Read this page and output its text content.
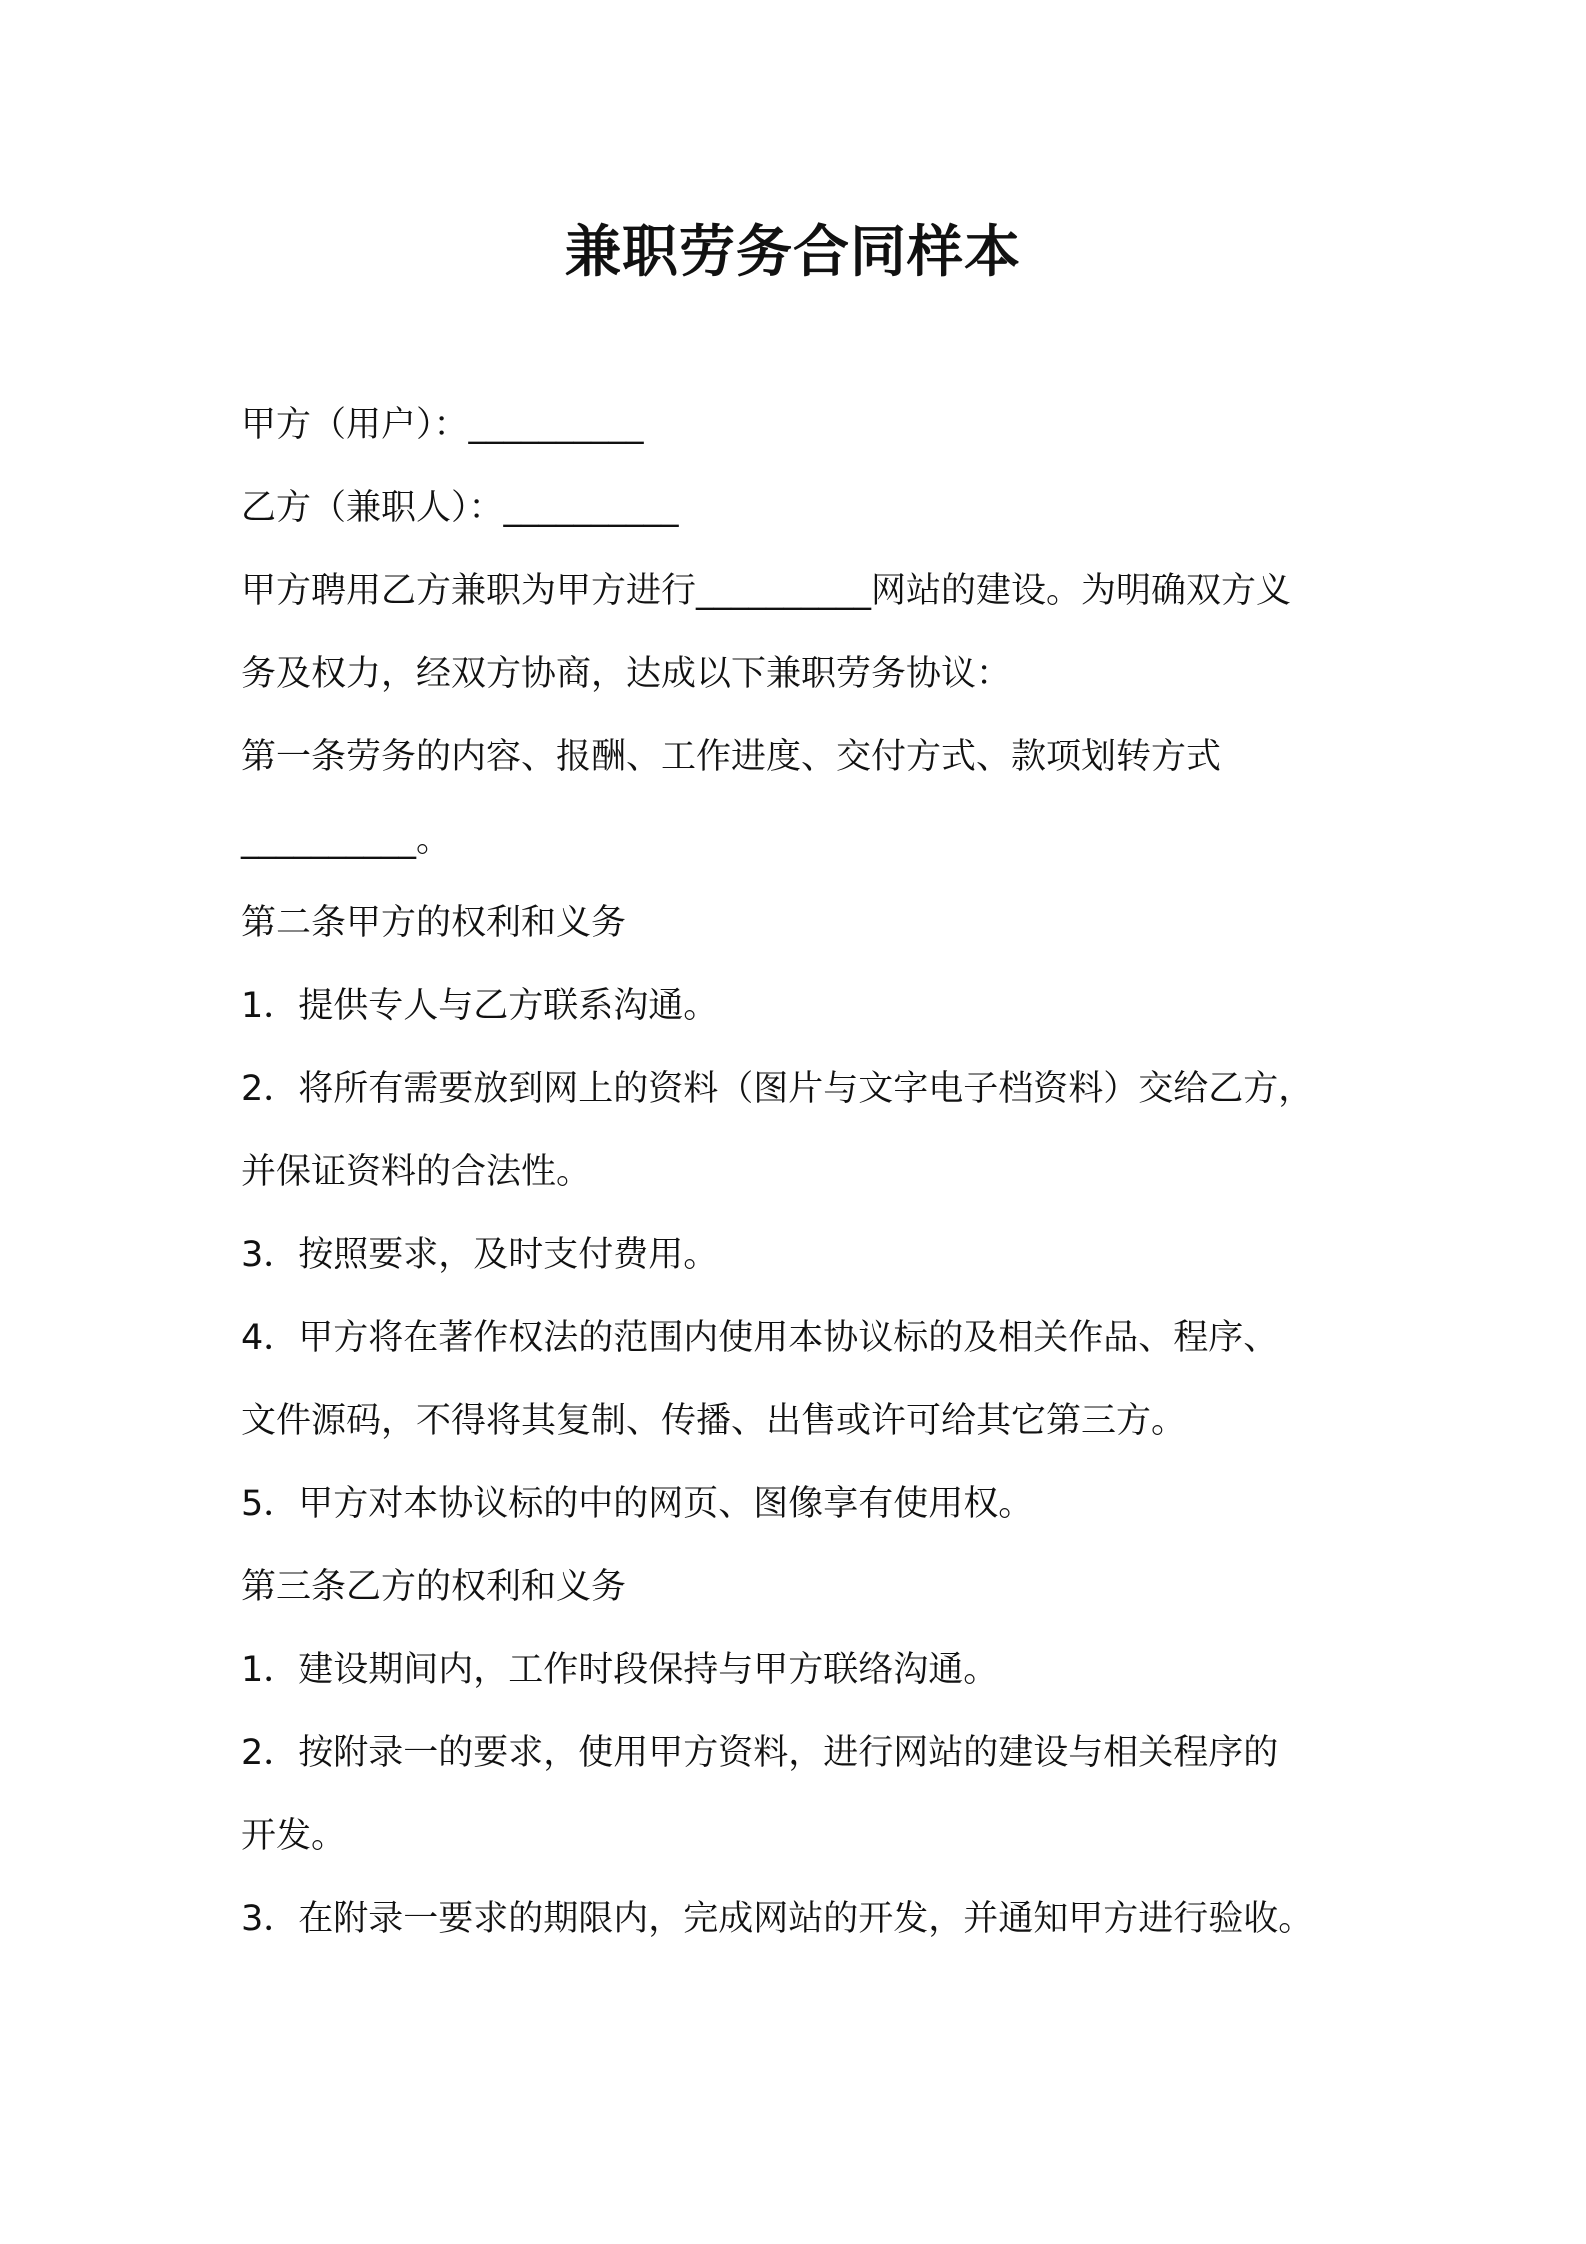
兼职劳务合同样本

甲方（用户）：__________

乙方（兼职人）：__________

甲方聘用乙方兼职为甲方进行__________网站的建设。为明确双方义

务及权力，经双方协商，达成以下兼职劳务协议：

第一条劳务的内容、报酬、工作进度、交付方式、款项划转方式

__________。

第二条甲方的权利和义务

1．提供专人与乙方联系沟通。

2．将所有需要放到网上的资料（图片与文字电子档资料）交给乙方，

并保证资料的合法性。

3．按照要求，及时支付费用。

4．甲方将在著作权法的范围内使用本协议标的及相关作品、程序、

文件源码，不得将其复制、传播、出售或许可给其它第三方。

5．甲方对本协议标的中的网页、图像享有使用权。

第三条乙方的权利和义务

1．建设期间内，工作时段保持与甲方联络沟通。

2．按附录一的要求，使用甲方资料，进行网站的建设与相关程序的

开发。

3．在附录一要求的期限内，完成网站的开发，并通知甲方进行验收。
